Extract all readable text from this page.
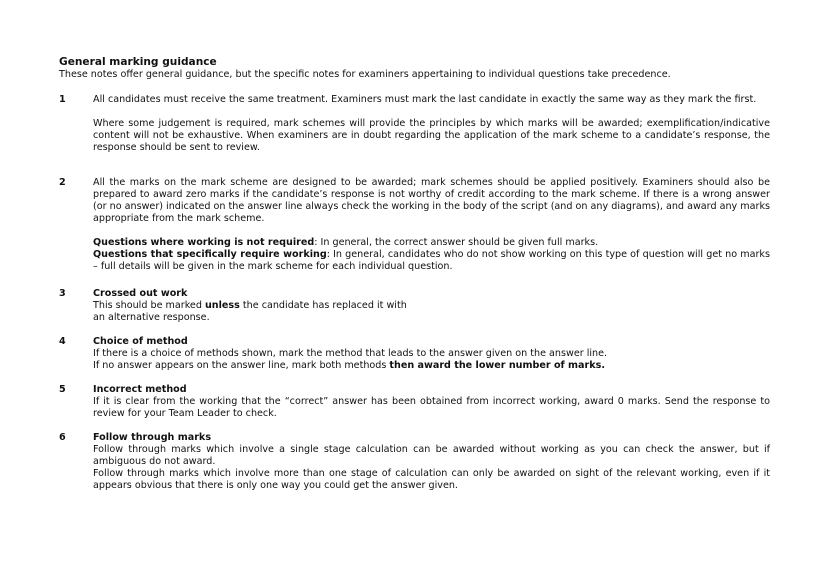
General marking guidance
These notes offer general guidance, but the specific notes for examiners appertaining to individual questions take precedence.
1	All candidates must receive the same treatment. Examiners must mark the last candidate in exactly the same way as they mark the first.

Where some judgement is required, mark schemes will provide the principles by which marks will be awarded; exemplification/indicative content will not be exhaustive. When examiners are in doubt regarding the application of the mark scheme to a candidate’s response, the response should be sent to review.

2	All the marks on the mark scheme are designed to be awarded; mark schemes should be applied positively. Examiners should also be prepared to award zero marks if the candidate’s response is not worthy of credit according to the mark scheme. If there is a wrong answer (or no answer) indicated on the answer line always check the working in the body of the script (and on any diagrams), and award any marks appropriate from the mark scheme.

Questions where working is not required: In general, the correct answer should be given full marks.
Questions that specifically require working: In general, candidates who do not show working on this type of question will get no marks – full details will be given in the mark scheme for each individual question.

3	Crossed out work
This should be marked unless the candidate has replaced it with
an alternative response.
4	Choice of method
If there is a choice of methods shown, mark the method that leads to the answer given on the answer line.
If no answer appears on the answer line, mark both methods then award the lower number of marks.
5	Incorrect method
If it is clear from the working that the “correct” answer has been obtained from incorrect working, award 0 marks. Send the response to review for your Team Leader to check.
6	Follow through marks
Follow through marks which involve a single stage calculation can be awarded without working as you can check the answer, but if ambiguous do not award.
Follow through marks which involve more than one stage of calculation can only be awarded on sight of the relevant working, even if it appears obvious that there is only one way you could get the answer given.
